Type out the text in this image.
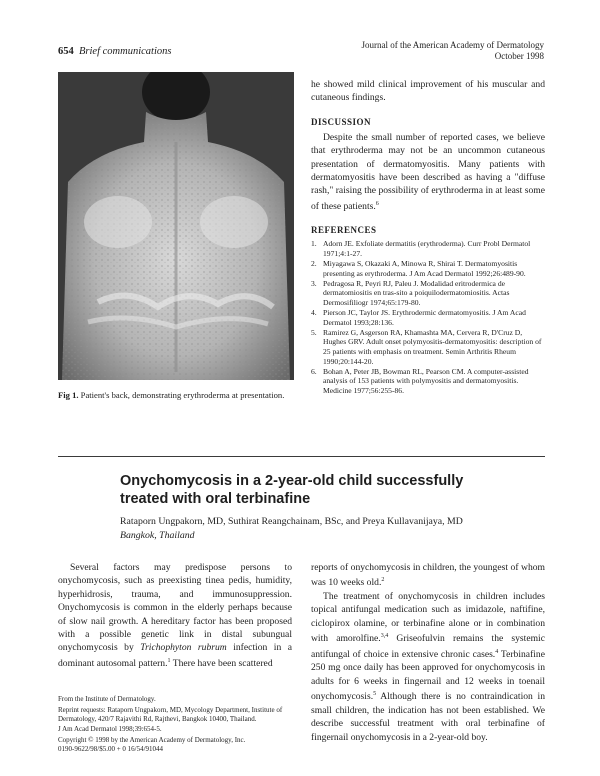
654 Brief communications
Journal of the American Academy of Dermatology
October 1998
Fig 1. Patient's back, demonstrating erythroderma at presentation.

he showed mild clinical improvement of his muscular and cutaneous findings.

DISCUSSION

Despite the small number of reported cases, we believe that erythroderma may not be an uncommon cutaneous presentation of dermatomyositis. Many patients with dermatomyositis have been described as having a "diffuse rash," raising the possibility of erythroderma in at least some of these patients.$^6$

REFERENCES
1. Adorn JE. Exfoliate dermatitis (erythroderma). Curr Probl Dermatol 1971;4:1-27.
2. Miyagawa S, Okazaki A, Minowa R, Shirai T. Dermatomyositis presenting as erythroderma. J Am Acad Dermatol 1992;26:489-90.
3. Pedragosa R, Peyri RJ, Paleu J. Modalidad eritrodermica de dermatomiositis en tras-sito a poiquilodermatomiositis. Actas Dermosifiliogr 1974;65:179-80.
4. Pierson JC, Taylor JS. Erythrodermic dermatomyositis. J Am Acad Dermatol 1993;28:136.
5. Ramirez G, Asgerson RA, Khamashta MA, Cervera R, D'Cruz D, Hughes GRV. Adult onset polymyositis-dermatomyositis: description of 25 patients with emphasis on treatment. Semin Arthritis Rheum 1990;20:144-20.
6. Bohan A, Peter JB, Bowman RL, Pearson CM. A computer-assisted analysis of 153 patients with polymyositis and dermatomyositis. Medicine 1977;56:255-86.
Onychomycosis in a 2-year-old child successfully treated with oral terbinafine
Rataporn Ungpakorn, MD, Suthirat Reangchainam, BSc, and Preya Kullavanijaya, MD
Bangkok, Thailand

Several factors may predispose persons to onychomycosis, such as preexisting tinea pedis, humidity, hyperhidrosis, trauma, and immunosuppression. Onychomycosis is common in the elderly perhaps because of slow nail growth. A hereditary factor has been proposed with a possible genetic link in distal subungual onychomycosis by Trichophyton rubrum infection in a dominant autosomal pattern.$^1$ There have been scattered

reports of onychomycosis in children, the youngest of whom was 10 weeks old.$^2$

The treatment of onychomycosis in children includes topical antifungal medication such as imidazole, naftifine, ciclopirox olamine, or terbinafine alone or in combination with amorolfine.$^{3,4}$ Griseofulvin remains the systemic antifungal of choice in extensive chronic cases.$^4$ Terbinafine 250 mg once daily has been approved for onychomycosis in adults for 6 weeks in fingernail and 12 weeks in toenail onychomycosis.$^5$ Although there is no contraindication in small children, the indication has not been established. We describe successful treatment with oral terbinafine of fingernail onychomycosis in a 2-year-old boy.

From the Institute of Dermatology.

Reprint requests: Rataporn Ungpakorn, MD, Mycology Department, Institute of Dermatology, 420/7 Rajavithi Rd, Rajthevi, Bangkok 10400, Thailand.

J Am Acad Dermatol 1998;39:654-5.

Copyright © 1998 by the American Academy of Dermatology, Inc.

0190-9622/98/$5.00 + 0 16/54/91044
